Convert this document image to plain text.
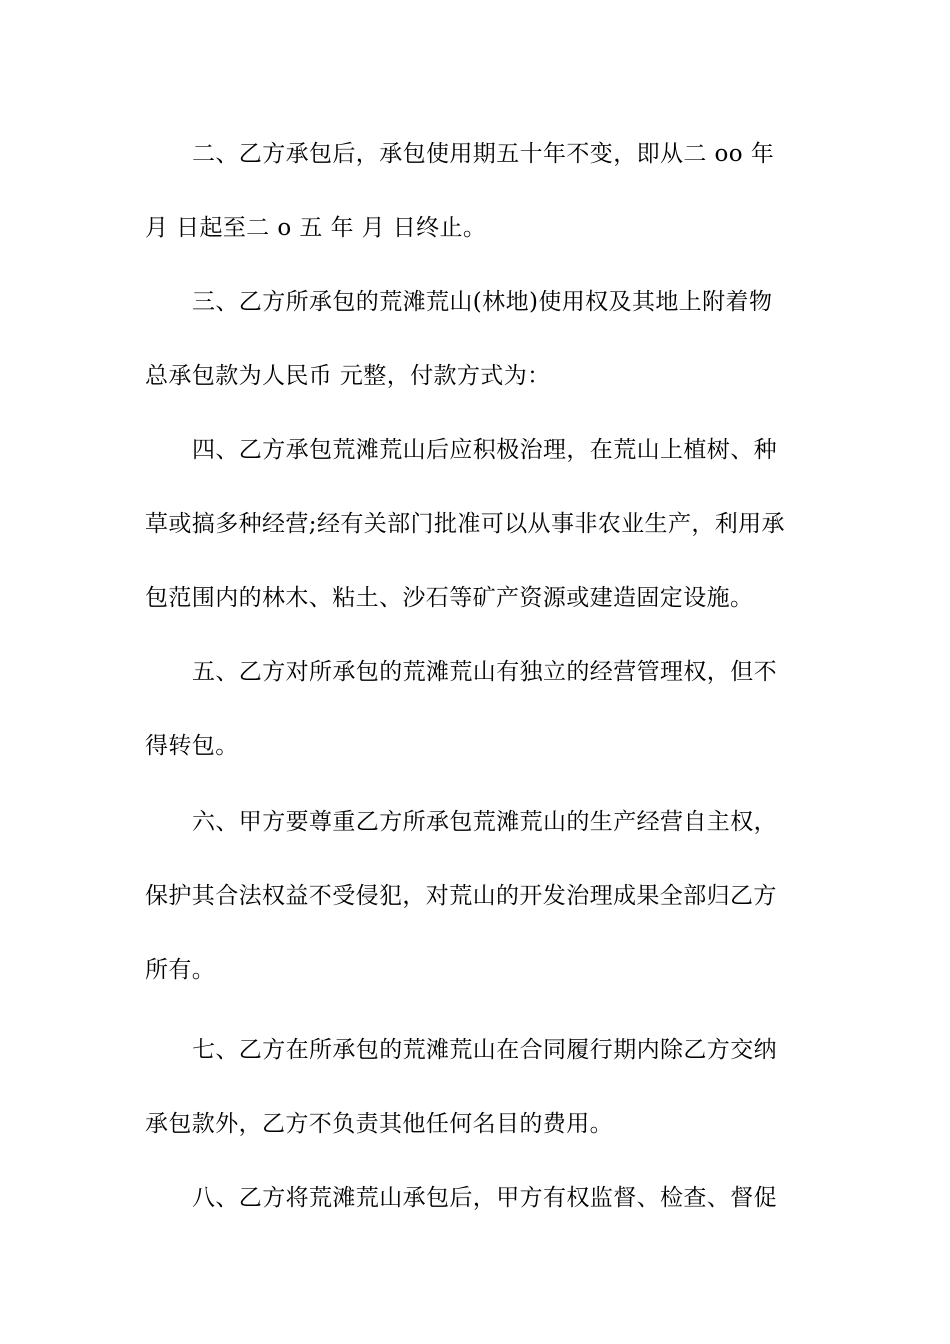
二、乙方承包后，承包使用期五十年不变，即从二 oo 年
月 日起至二 o 五 年 月 日终止。
三、乙方所承包的荒滩荒山(林地)使用权及其地上附着物
总承包款为人民币 元整，付款方式为：
四、乙方承包荒滩荒山后应积极治理，在荒山上植树、种
草或搞多种经营;经有关部门批准可以从事非农业生产，利用承
包范围内的林木、粘土、沙石等矿产资源或建造固定设施。
五、乙方对所承包的荒滩荒山有独立的经营管理权，但不
得转包。
六、甲方要尊重乙方所承包荒滩荒山的生产经营自主权，
保护其合法权益不受侵犯，对荒山的开发治理成果全部归乙方
所有。
七、乙方在所承包的荒滩荒山在合同履行期内除乙方交纳
承包款外，乙方不负责其他任何名目的费用。
八、乙方将荒滩荒山承包后，甲方有权监督、检查、督促
